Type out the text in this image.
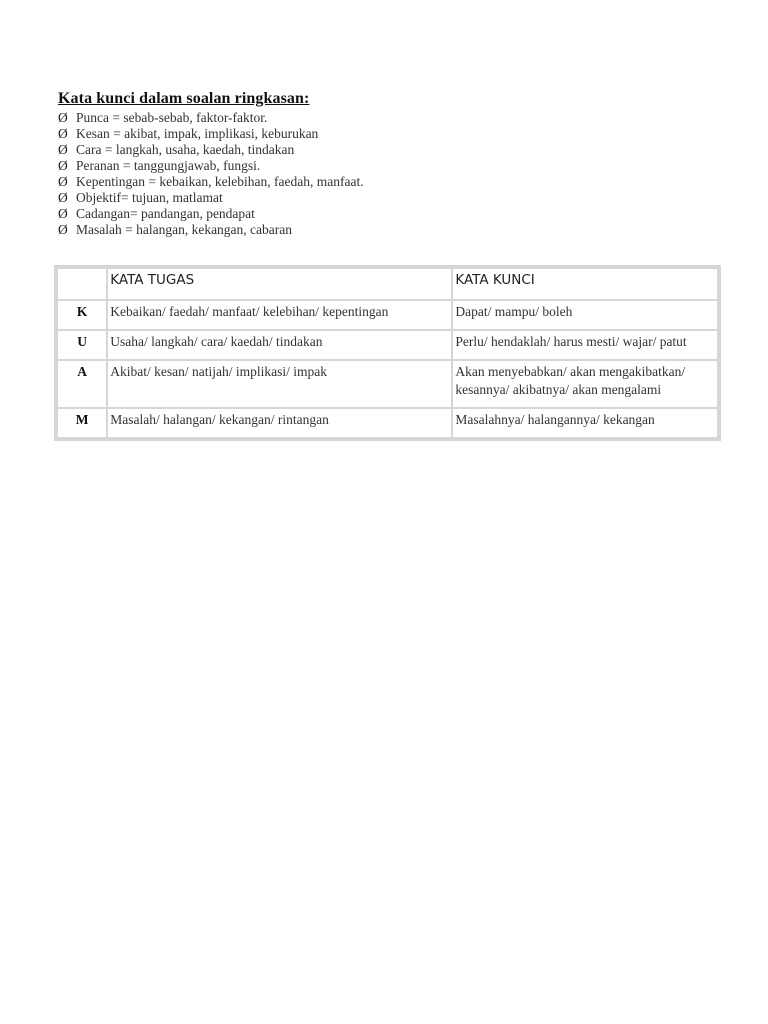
Kata kunci dalam soalan ringkasan:
Ø Punca = sebab-sebab, faktor-faktor.
Ø Kesan = akibat, impak, implikasi, keburukan
Ø Cara = langkah, usaha, kaedah, tindakan
Ø Peranan = tanggungjawab, fungsi.
Ø Kepentingan = kebaikan, kelebihan, faedah, manfaat.
Ø Objektif= tujuan, matlamat
Ø Cadangan= pandangan, pendapat
Ø Masalah = halangan, kekangan, cabaran
	KATA TUGAS	KATA KUNCI
K	Kebaikan/ faedah/ manfaat/ kelebihan/ kepentingan	Dapat/ mampu/ boleh
U	Usaha/ langkah/ cara/ kaedah/ tindakan	Perlu/ hendaklah/ harus mesti/ wajar/ patut
A	Akibat/ kesan/ natijah/ implikasi/ impak	Akan menyebabkan/ akan mengakibatkan/ kesannya/ akibatnya/ akan mengalami
M	Masalah/ halangan/ kekangan/ rintangan	Masalahnya/ halangannya/ kekangan
